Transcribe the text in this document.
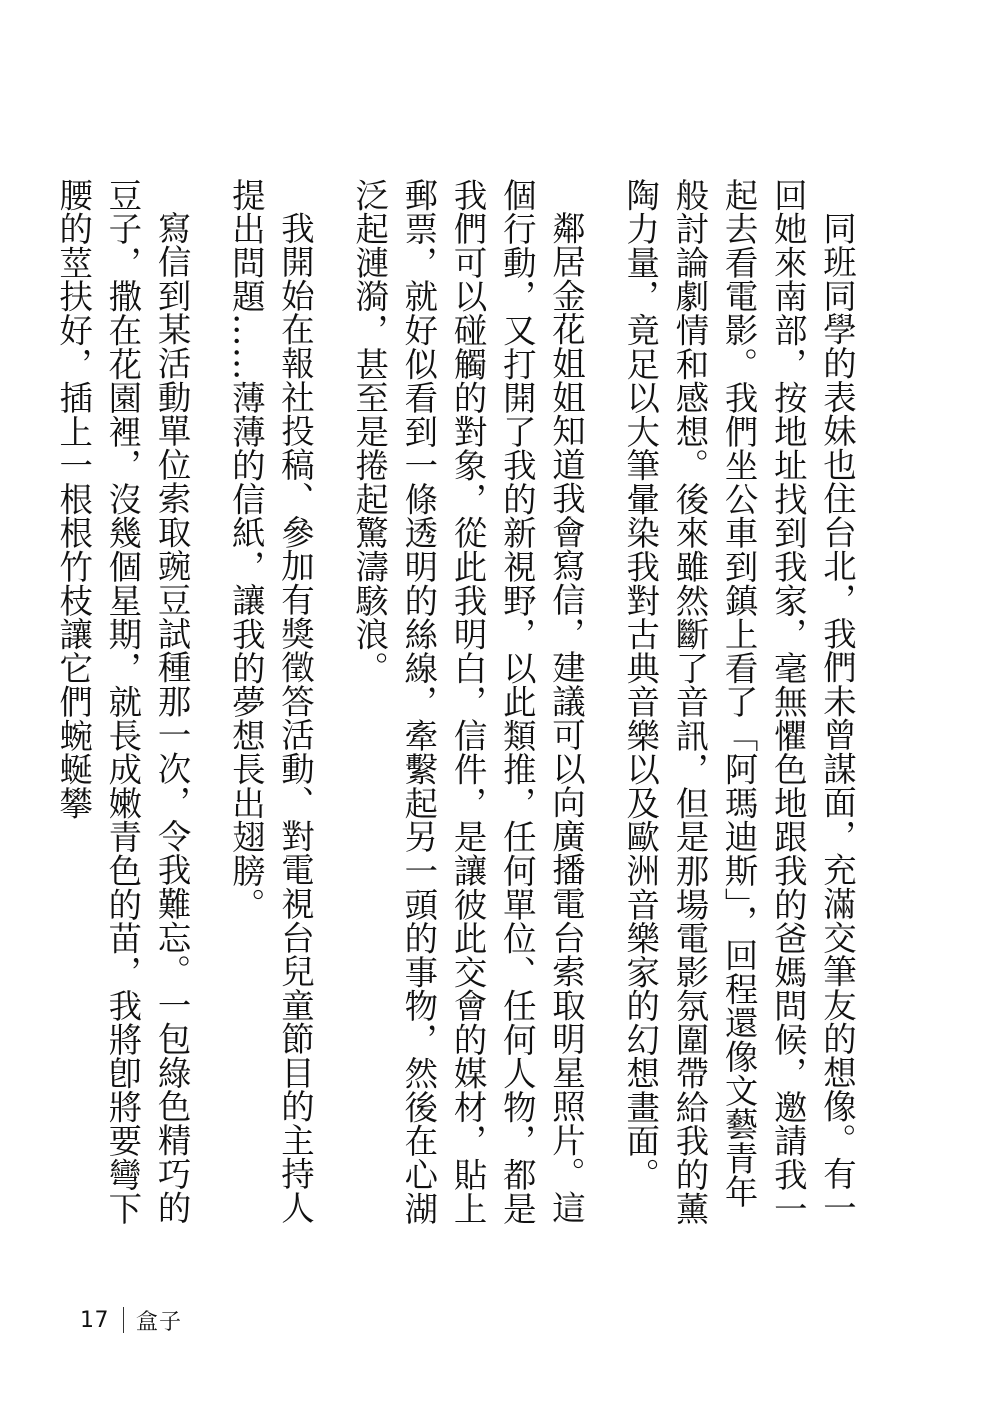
同班同學的表妹也住台北，我們未曾謀面，充滿交筆友的想像。有一回她來南部，按地址找到我家，毫無懼色地跟我的爸媽問候，邀請我一起去看電影。我們坐公車到鎮上看了「阿瑪迪斯」，回程還像文藝青年般討論劇情和感想。後來雖然斷了音訊，但是那場電影氛圍帶給我的薰陶力量，竟足以大筆暈染我對古典音樂以及歐洲音樂家的幻想畫面。

鄰居金花姐姐知道我會寫信，建議可以向廣播電台索取明星照片。這個行動，又打開了我的新視野，以此類推，任何單位、任何人物，都是我們可以碰觸的對象，從此我明白，信件，是讓彼此交會的媒材，貼上郵票，就好似看到一條透明的絲線，牽繫起另一頭的事物，然後在心湖泛起漣漪，甚至是捲起驚濤駭浪。

我開始在報社投稿、參加有獎徵答活動、對電視台兒童節目的主持人提出問題……薄薄的信紙，讓我的夢想長出翅膀。

寫信到某活動單位索取豌豆試種那一次，令我難忘。一包綠色精巧的豆子，撒在花園裡，沒幾個星期，就長成嫩青色的苗，我將卽將要彎下腰的莖扶好，插上一根根竹枝讓它們蜿蜒攀

17 盒子
